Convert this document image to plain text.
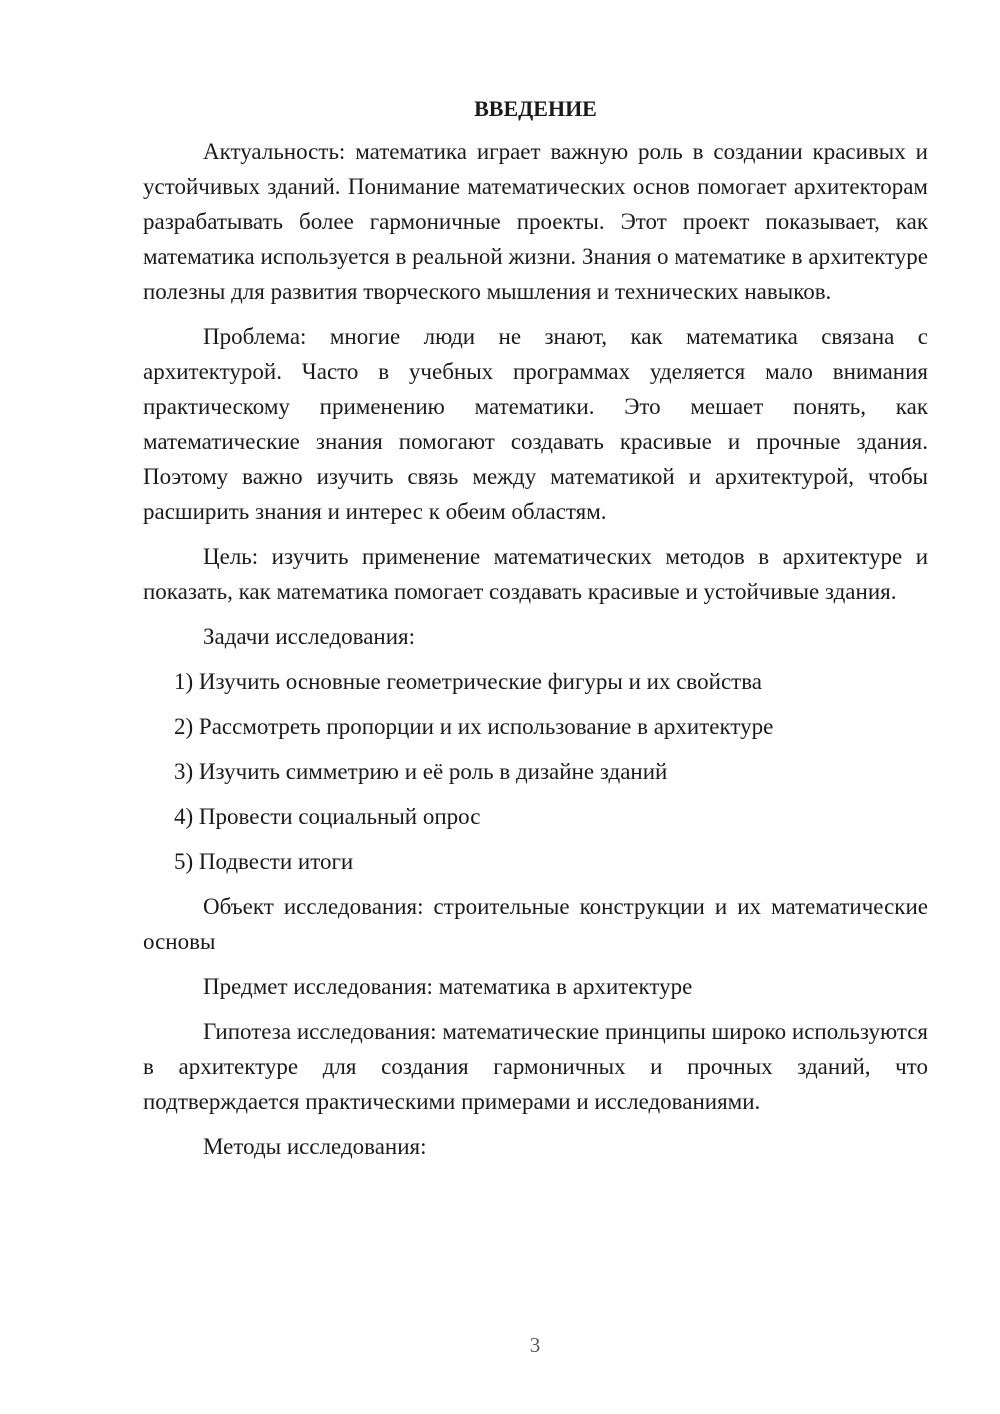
ВВЕДЕНИЕ

Актуальность: математика играет важную роль в создании красивых и устойчивых зданий. Понимание математических основ помогает архитекторам разрабатывать более гармоничные проекты. Этот проект показывает, как математика используется в реальной жизни. Знания о математике в архитектуре полезны для развития творческого мышления и технических навыков.

Проблема: многие люди не знают, как математика связана с архитектурой. Часто в учебных программах уделяется мало внимания практическому применению математики. Это мешает понять, как математические знания помогают создавать красивые и прочные здания. Поэтому важно изучить связь между математикой и архитектурой, чтобы расширить знания и интерес к обеим областям.

Цель: изучить применение математических методов в архитектуре и показать, как математика помогает создавать красивые и устойчивые здания.

Задачи исследования:

1) Изучить основные геометрические фигуры и их свойства
2) Рассмотреть пропорции и их использование в архитектуре
3) Изучить симметрию и её роль в дизайне зданий
4) Провести социальный опрос
5) Подвести итоги

Объект исследования: строительные конструкции и их математические основы

Предмет исследования: математика в архитектуре

Гипотеза исследования: математические принципы широко используются в архитектуре для создания гармоничных и прочных зданий, что подтверждается практическими примерами и исследованиями.

Методы исследования:

3
